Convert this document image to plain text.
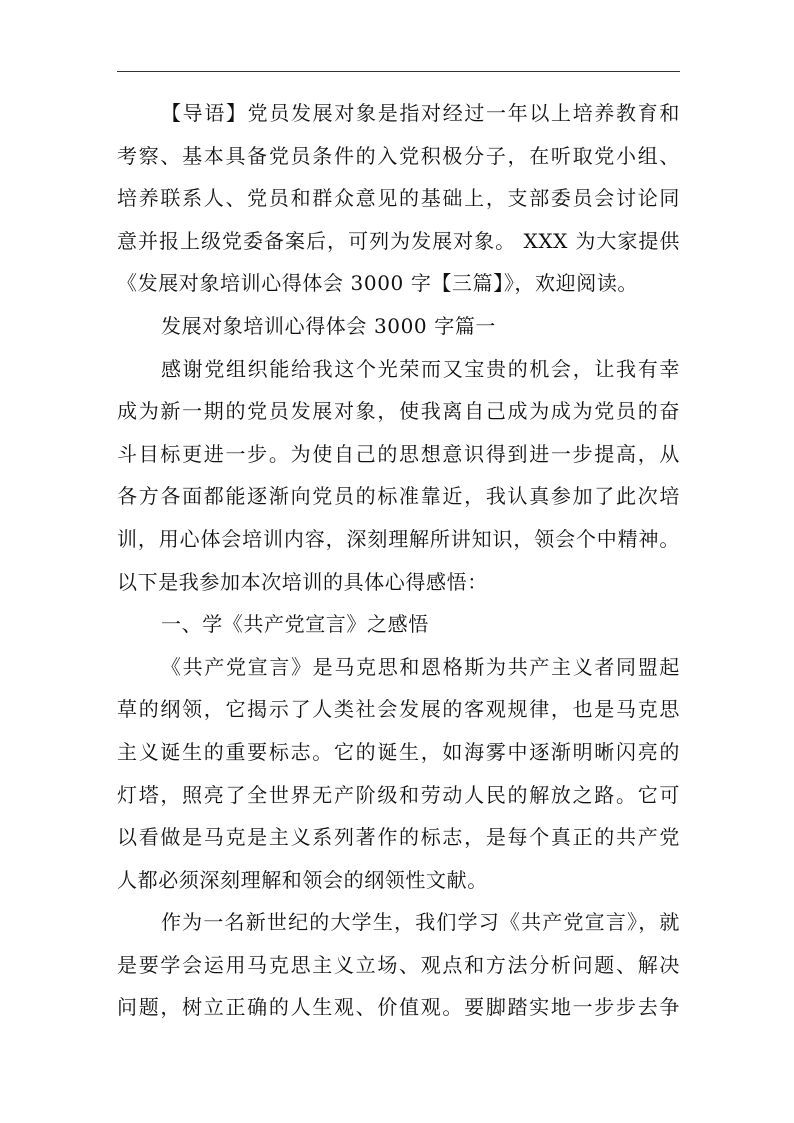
【导语】党员发展对象是指对经过一年以上培养教育和
考察、基本具备党员条件的入党积极分子，在听取党小组、
培养联系人、党员和群众意见的基础上，支部委员会讨论同
意并报上级党委备案后，可列为发展对象。 XXX 为大家提供
《发展对象培训心得体会 3000 字【三篇】》，欢迎阅读。
发展对象培训心得体会 3000 字篇一
感谢党组织能给我这个光荣而又宝贵的机会，让我有幸
成为新一期的党员发展对象，使我离自己成为成为党员的奋
斗目标更进一步。为使自己的思想意识得到进一步提高，从
各方各面都能逐渐向党员的标准靠近，我认真参加了此次培
训，用心体会培训内容，深刻理解所讲知识，领会个中精神。
以下是我参加本次培训的具体心得感悟：
一、学《共产党宣言》之感悟
《共产党宣言》是马克思和恩格斯为共产主义者同盟起
草的纲领，它揭示了人类社会发展的客观规律，也是马克思
主义诞生的重要标志。它的诞生，如海雾中逐渐明晰闪亮的
灯塔，照亮了全世界无产阶级和劳动人民的解放之路。它可
以看做是马克是主义系列著作的标志，是每个真正的共产党
人都必须深刻理解和领会的纲领性文献。
作为一名新世纪的大学生，我们学习《共产党宣言》，就
是要学会运用马克思主义立场、观点和方法分析问题、解决
问题，树立正确的人生观、价值观。要脚踏实地一步步去争
